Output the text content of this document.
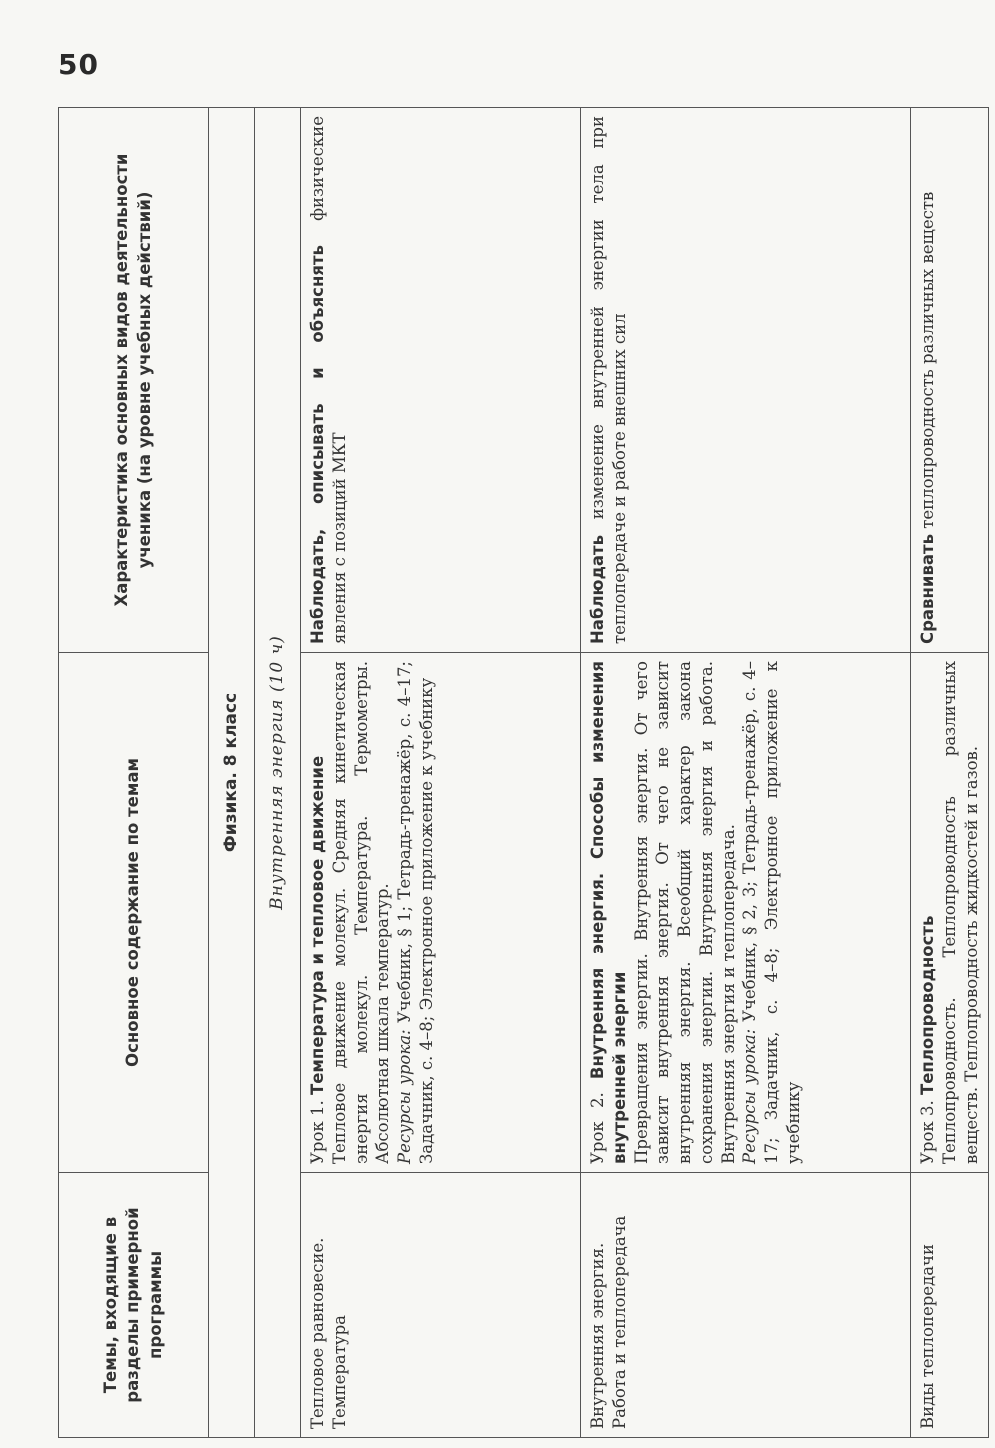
50
Темы, входящие в разделы примерной программы	Основное содержание по темам	Характеристика основных видов деятельности ученика (на уровне учебных действий)
Физика. 8 класс		
Внутренняя энергия (10 ч)		
Тепловое равновесие. Температура	Урок 1. Температура и тепловое движение Тепловое движение молекул. Средняя кинетическая энергия молекул. Температура. Термометры. Абсолютная шкала температур. Ресурсы урока: Учебник, § 1; Тетрадь-тренажёр, с. 4–17; Задачник, с. 4–8; Электронное приложение к учебнику	Наблюдать, описывать и объяснять физические явления с позиций МКТ
Внутренняя энергия. Работа и теплопередача	Урок 2. Внутренняя энергия. Способы изменения внутренней энергии Превращения энергии. Внутренняя энергия. От чего зависит внутренняя энергия. От чего не зависит внутренняя энергия. Всеобщий характер закона сохранения энергии. Внутренняя энергия и работа. Внутренняя энергия и теплопередача. Ресурсы урока: Учебник, § 2, 3; Тетрадь-тренажёр, с. 4–17; Задачник, с. 4–8; Электронное приложение к учебнику	Наблюдать изменение внутренней энергии тела при теплопередаче и работе внешних сил
Виды теплопередачи	Урок 3. Теплопроводность Теплопроводность. Теплопроводность различных веществ. Теплопроводность жидкостей и газов.	Сравнивать теплопроводность различных веществ
